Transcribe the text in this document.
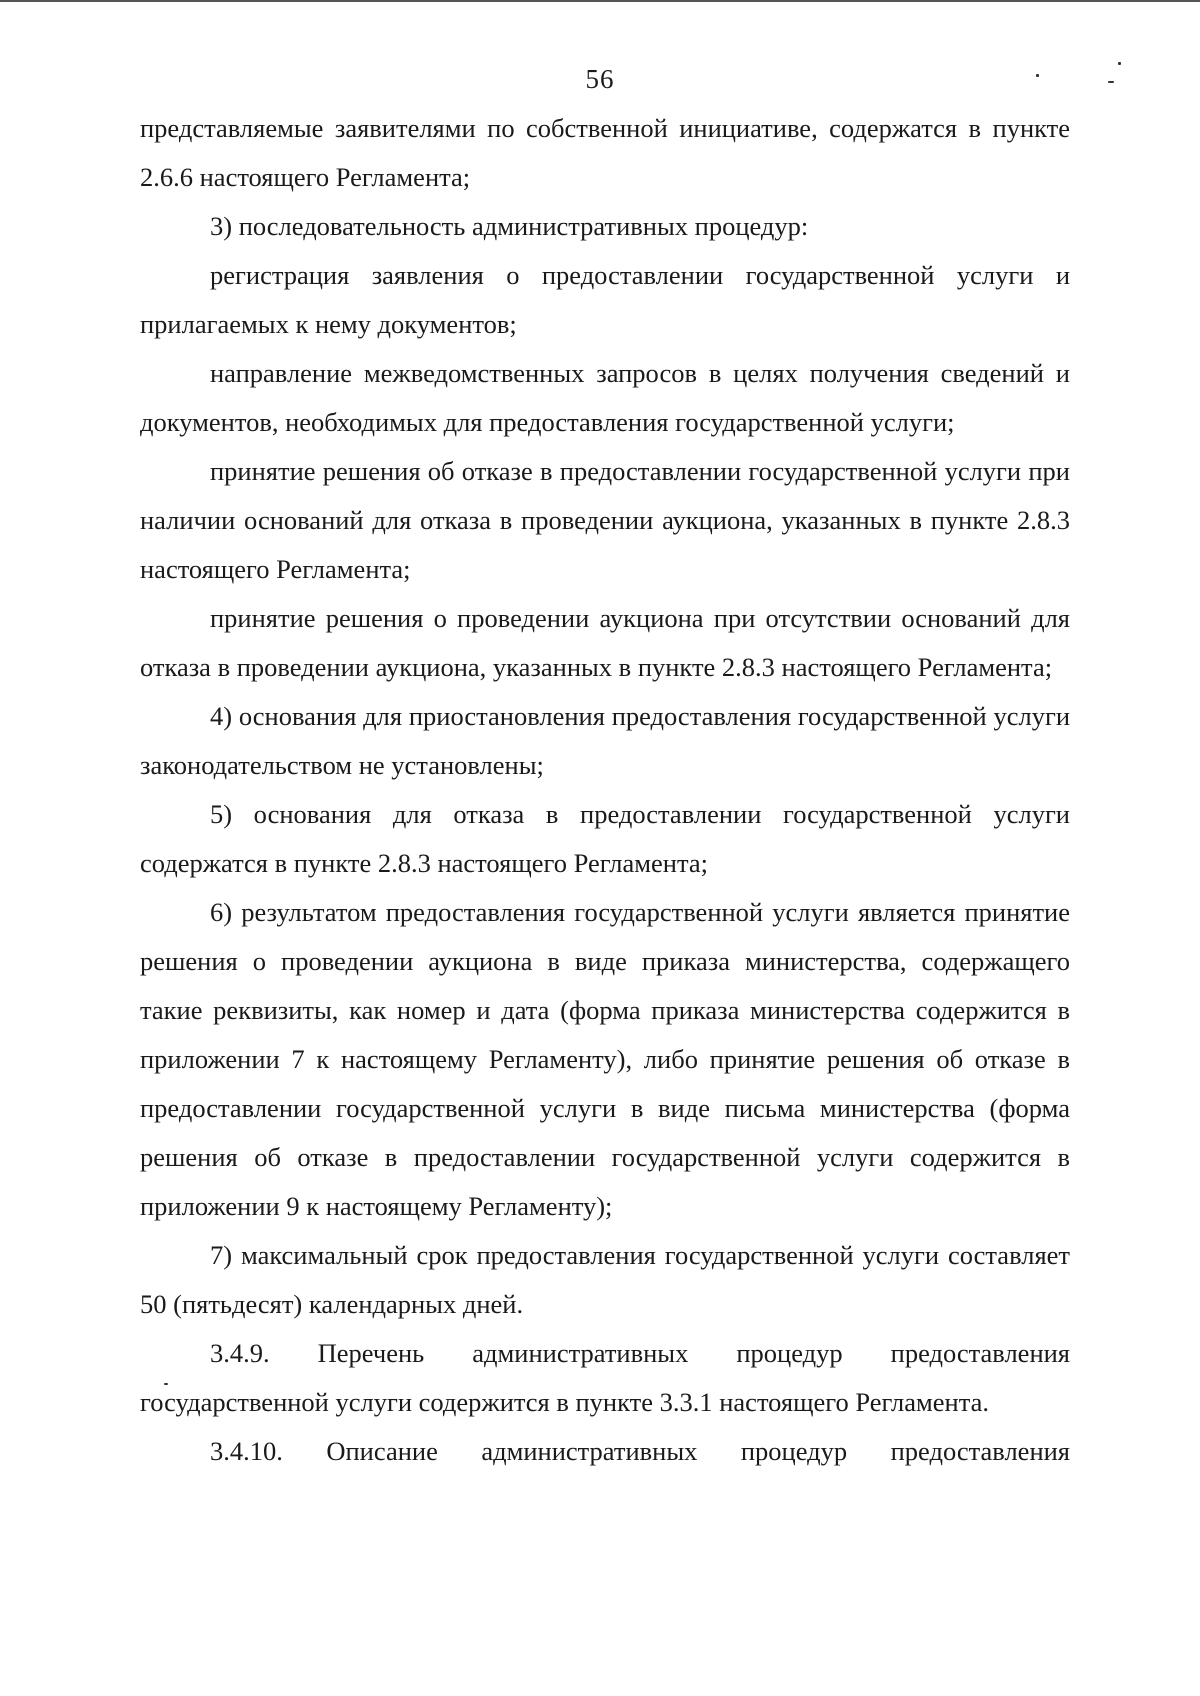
56

представляемые заявителями по собственной инициативе, содержатся в пункте 2.6.6 настоящего Регламента;

3) последовательность административных процедур:

регистрация заявления о предоставлении государственной услуги и прилагаемых к нему документов;

направление межведомственных запросов в целях получения сведений и документов, необходимых для предоставления государственной услуги;

принятие решения об отказе в предоставлении государственной услуги при наличии оснований для отказа в проведении аукциона, указанных в пункте 2.8.3 настоящего Регламента;

принятие решения о проведении аукциона при отсутствии оснований для отказа в проведении аукциона, указанных в пункте 2.8.3 настоящего Регламента;

4) основания для приостановления предоставления государственной услуги законодательством не установлены;

5) основания для отказа в предоставлении государственной услуги содержатся в пункте 2.8.3 настоящего Регламента;

6) результатом предоставления государственной услуги является принятие решения о проведении аукциона в виде приказа министерства, содержащего такие реквизиты, как номер и дата (форма приказа министерства содержится в приложении 7 к настоящему Регламенту), либо принятие решения об отказе в предоставлении государственной услуги в виде письма министерства (форма решения об отказе в предоставлении государственной услуги содержится в приложении 9 к настоящему Регламенту);

7) максимальный срок предоставления государственной услуги составляет 50 (пятьдесят) календарных дней.

3.4.9. Перечень административных процедур предоставления государственной услуги содержится в пункте 3.3.1 настоящего Регламента.

3.4.10. Описание административных процедур предоставления
